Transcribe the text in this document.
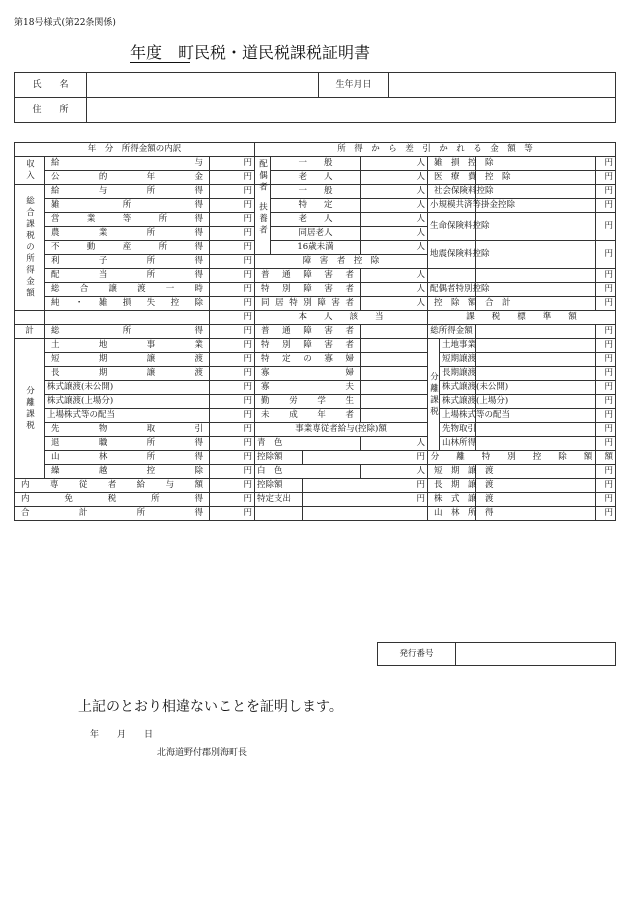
第18号様式(第22条関係)
年度　町民税・道民税課税証明書
氏　　名		生年月日	
住　　所			
年　分　所得金額の内訳			所　得　か　ら　差　引　か　れ　る　金　額　等							
収入	給　　　与	円	配偶者	一　　般		人	雑　損　控　除			円
	公　的　年　金	円		老　　人		人	医　療　費　控　除			円
総合課税の所得金額	給　与　所　得	円	扶養者	一　　般		人	社会保険料控除			円
	雑　　所　　得	円		特　　定		人	小規模共済等掛金控除			円
	営　業　等　所　得	円		老　　人		人	生命保険料控除			円
	農　業　所　得	円		同居老人		人				
	不　動　産　所　得	円		16歳未満		人	地震保険料控除			円
	利　子　所　得	円	障　害　者　控　除							
	配　当　所　得	円	普　通　障　害　者			人				円
	総　合　譲　渡　一　時	円	特　別　障　害　者			人	配偶者特別控除			円
	純・雑損失控除	円	同居特別障害者			人	控　除　額　合　計			円
		円	本　　人　　該　　当				課　　税　　標　　準　　額			
計	総　　所　　得	円	普　通　障　害　者				総所得金額			円
分離課税	土　地　事　業	円	特　別　障　害　者				分離課税	土地事業		円
	短　期　譲　渡	円	特　定　の　寡　婦					短期譲渡		円
	長　期　譲　渡	円	寡　　　　婦					長期譲渡		円
	株式譲渡(未公開)	円	寡　　　　夫					株式譲渡(未公開)		円
	株式譲渡(上場分)	円	勤　労　学　生					株式譲渡(上場分)		円
	上場株式等の配当	円	未　成　年　者					上場株式等の配当		円
	先　物　取　引	円	事業専従者給与(控除)額					先物取引		円
	退　職　所　得	円	青　色			人		山林所得		円
	山　林　所　得	円	控除額		円		分　　離　　特　　別　　控　　除　　額			額
	繰　越　控　除	円	白　色			人	短　期　譲　渡			円
内　専　従　者　給　与　額		円	控除額		円		長　期　譲　渡			円
内　免　税　所　得		円	特定支出		円		株　式　譲　渡			円
合　　計　　所　　得		円					山　林　所　得			円
発行番号	
上記のとおり相違ないことを証明します。
年　　月　　日
北海道野付郡別海町長
